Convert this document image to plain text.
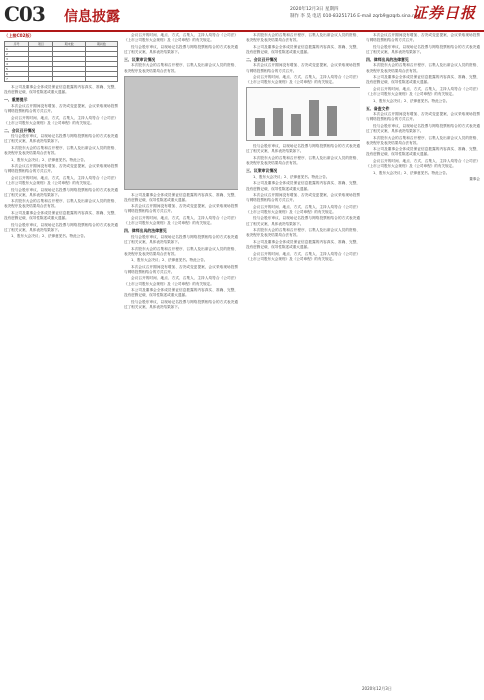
C03 信息披露	2020年12月3日 星期四
制作 李 昊 电话 010-83251716 E-mail zqrb9@zqrb.sina.net
证券日报
（上接C02版）
序号	项目	期末数	期初数
1			
2			
3			
4			
5			
6			
7			

本公司及董事会全体成员保证信息披露的内容真实、准确、完整，没有虚假记载、误导性陈述或重大遗漏。

一、重要提示

本次会议召开期间没有增加、否决或变更提案，会议采取现场投票与网络投票相结合的方式召开。

会议召开的时间、地点、方式、召集人、主持人均符合《公司法》《上市公司股东大会规则》及《公司章程》的有关规定。

二、会议召开情况

经与会股东审议，以现场记名投票与网络投票相结合的方式表决通过了相关议案，具体表决结果如下。

本次股东大会的召集和召开程序、召集人及出席会议人员的资格、表决程序及表决结果均合法有效。

1、股东大会决议；2、法律意见书。特此公告。

本次会议召开期间没有增加、否决或变更提案，会议采取现场投票与网络投票相结合的方式召开。

会议召开的时间、地点、方式、召集人、主持人均符合《公司法》《上市公司股东大会规则》及《公司章程》的有关规定。

经与会股东审议，以现场记名投票与网络投票相结合的方式表决通过了相关议案，具体表决结果如下。

本次股东大会的召集和召开程序、召集人及出席会议人员的资格、表决程序及表决结果均合法有效。

本公司及董事会全体成员保证信息披露的内容真实、准确、完整，没有虚假记载、误导性陈述或重大遗漏。

经与会股东审议，以现场记名投票与网络投票相结合的方式表决通过了相关议案，具体表决结果如下。

1、股东大会决议；2、法律意见书。特此公告。

会议召开的时间、地点、方式、召集人、主持人均符合《公司法》《上市公司股东大会规则》及《公司章程》的有关规定。

经与会股东审议，以现场记名投票与网络投票相结合的方式表决通过了相关议案，具体表决结果如下。

三、议案审议情况

本次股东大会的召集和召开程序、召集人及出席会议人员的资格、表决程序及表决结果均合法有效。

本公司及董事会全体成员保证信息披露的内容真实、准确、完整，没有虚假记载、误导性陈述或重大遗漏。

本次会议召开期间没有增加、否决或变更提案，会议采取现场投票与网络投票相结合的方式召开。

会议召开的时间、地点、方式、召集人、主持人均符合《公司法》《上市公司股东大会规则》及《公司章程》的有关规定。

四、律师出具的法律意见

经与会股东审议，以现场记名投票与网络投票相结合的方式表决通过了相关议案，具体表决结果如下。

本次股东大会的召集和召开程序、召集人及出席会议人员的资格、表决程序及表决结果均合法有效。

1、股东大会决议；2、法律意见书。特此公告。

本次会议召开期间没有增加、否决或变更提案，会议采取现场投票与网络投票相结合的方式召开。

会议召开的时间、地点、方式、召集人、主持人均符合《公司法》《上市公司股东大会规则》及《公司章程》的有关规定。

本公司及董事会全体成员保证信息披露的内容真实、准确、完整，没有虚假记载、误导性陈述或重大遗漏。

经与会股东审议，以现场记名投票与网络投票相结合的方式表决通过了相关议案，具体表决结果如下。

本次股东大会的召集和召开程序、召集人及出席会议人员的资格、表决程序及表决结果均合法有效。

本公司及董事会全体成员保证信息披露的内容真实、准确、完整，没有虚假记载、误导性陈述或重大遗漏。

二、会议召开情况

本次会议召开期间没有增加、否决或变更提案，会议采取现场投票与网络投票相结合的方式召开。

会议召开的时间、地点、方式、召集人、主持人均符合《公司法》《上市公司股东大会规则》及《公司章程》的有关规定。

经与会股东审议，以现场记名投票与网络投票相结合的方式表决通过了相关议案，具体表决结果如下。

本次股东大会的召集和召开程序、召集人及出席会议人员的资格、表决程序及表决结果均合法有效。

三、议案审议情况

1、股东大会决议；2、法律意见书。特此公告。

本公司及董事会全体成员保证信息披露的内容真实、准确、完整，没有虚假记载、误导性陈述或重大遗漏。

本次会议召开期间没有增加、否决或变更提案，会议采取现场投票与网络投票相结合的方式召开。

会议召开的时间、地点、方式、召集人、主持人均符合《公司法》《上市公司股东大会规则》及《公司章程》的有关规定。

经与会股东审议，以现场记名投票与网络投票相结合的方式表决通过了相关议案，具体表决结果如下。

本次股东大会的召集和召开程序、召集人及出席会议人员的资格、表决程序及表决结果均合法有效。

本公司及董事会全体成员保证信息披露的内容真实、准确、完整，没有虚假记载、误导性陈述或重大遗漏。

会议召开的时间、地点、方式、召集人、主持人均符合《公司法》《上市公司股东大会规则》及《公司章程》的有关规定。

本次会议召开期间没有增加、否决或变更提案，会议采取现场投票与网络投票相结合的方式召开。

经与会股东审议，以现场记名投票与网络投票相结合的方式表决通过了相关议案，具体表决结果如下。

四、律师出具的法律意见

本次股东大会的召集和召开程序、召集人及出席会议人员的资格、表决程序及表决结果均合法有效。

本公司及董事会全体成员保证信息披露的内容真实、准确、完整，没有虚假记载、误导性陈述或重大遗漏。

会议召开的时间、地点、方式、召集人、主持人均符合《公司法》《上市公司股东大会规则》及《公司章程》的有关规定。

1、股东大会决议；2、法律意见书。特此公告。

五、备查文件

本次会议召开期间没有增加、否决或变更提案，会议采取现场投票与网络投票相结合的方式召开。

经与会股东审议，以现场记名投票与网络投票相结合的方式表决通过了相关议案，具体表决结果如下。

本次股东大会的召集和召开程序、召集人及出席会议人员的资格、表决程序及表决结果均合法有效。

本公司及董事会全体成员保证信息披露的内容真实、准确、完整，没有虚假记载、误导性陈述或重大遗漏。

会议召开的时间、地点、方式、召集人、主持人均符合《公司法》《上市公司股东大会规则》及《公司章程》的有关规定。

1、股东大会决议；2、法律意见书。特此公告。

董事会

2020年12月3日
